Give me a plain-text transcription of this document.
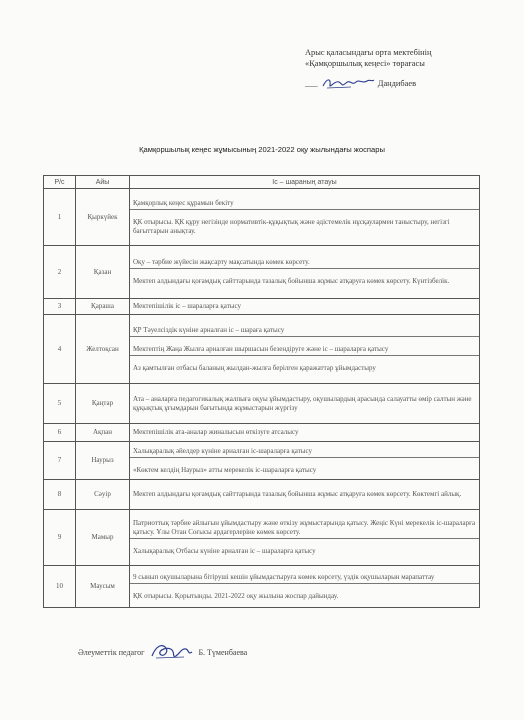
Арыс қаласындағы орта мектебінің
«Қамқоршылық кеңесі» төрағасы
___	Дандибаев
Қамқоршылық кеңес жұмысының 2021-2022 оқу жылындағы жоспары
Р/с	Айы	Іс – шараның атауы
1	Қыркүйек	Қамқорлық кеңес құрамын бекіту
ҚК отырысы. ҚК құру негізінде нормативтік-құқықтық және әдістемелік нұсқаулармен таныстыру, негізгі бағыттарын анықтау.

2	Қазан	Оқу – тәрбие жүйесін жақсарту мақсатында көмек көрсету.
Мектеп алдындағы қоғамдық сайттарында тазалық бойынша жұмыс атқаруға көмек көрсету. Күнтізбелік.

3	Қараша	Мектепішілік іс – шараларға қатысу

4	Желтоқсан	ҚР Тәуелсіздік күніне арналған іс – шараға қатысу
Мектептің Жаңа Жылға арналған шыршасын безендіруге және іс – шараларға қатысу
Аз қамтылған отбасы баланың жылдан-жылға берілген қаражаттар ұйымдастыру

5	Қаңтар	Ата – аналарға педагогикалық жалпыға оқуы ұйымдастыру, оқушылардың арасында салауатты өмір салтын және құқықтық ұғымдарын бағытында жұмыстарын жүргізу

6	Ақпан	Мектепішілік ата-аналар жиналысын өткізуге атсалысу

7	Наурыз	Халықаралық әйелдер күніне арналған іс-шараларға қатысу
«Көктем келдің Наурыз» атты мерекелік іс-шараларға қатысу

8	Сәуір	Мектеп алдындағы қоғамдық сайттарында тазалық бойынша жұмыс атқаруға көмек көрсету. Көктемгі айлық.

9	Мамыр	Патриоттық тәрбие айлығын ұйымдастыру және өткізу жұмыстарында қатысу. Жеңіс Күні мерекелік іс-шараларға қатысу. Ұлы Отан Соғысы ардагерлеріне көмек көрсету.
Халықаралық Отбасы күніне арналған іс – шараларға қатысу

10	Маусым	9 сынып оқушыларына бітіруші кешін ұйымдастыруға көмек көрсету, үздік оқушыларын марапаттау
ҚК отырысы. Қорытынды. 2021-2022 оқу жылына жоспар дайындау.
Әлеуметтік педагог	Б. Түменбаева
